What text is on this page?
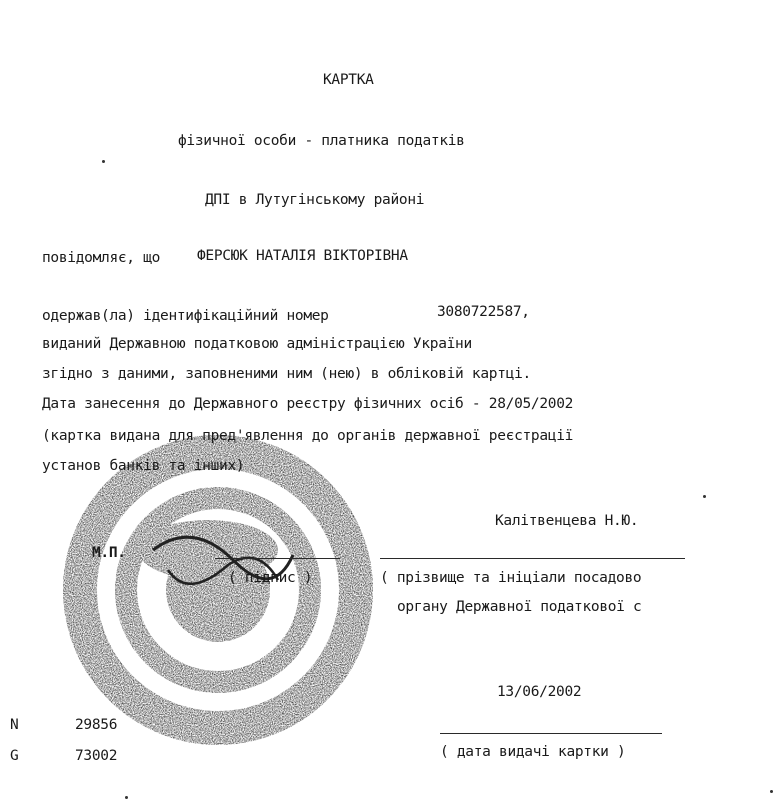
КАРТКА
фізичної особи - платника податків
ДПІ в Лутугінському районі
повідомляє, що	ФЕРСЮК НАТАЛІЯ ВІКТОРІВНА
одержав(ла) ідентифікаційний номер	3080722587,
виданий Державною податковою адміністрацією України
згідно з даними, заповненими ним (нею) в обліковій картці.
Дата занесення до Державного реєстру фізичних осіб - 28/05/2002
(картка видана для пред'явлення до органів державної реєстрації
установ банків та інших)
Калітвенцева Н.Ю.
М.П.
( підпис )	( прізвище та ініціали посадово
органу Державної податкової с
13/06/2002
( дата видачі картки )
N	29856
G	73002
